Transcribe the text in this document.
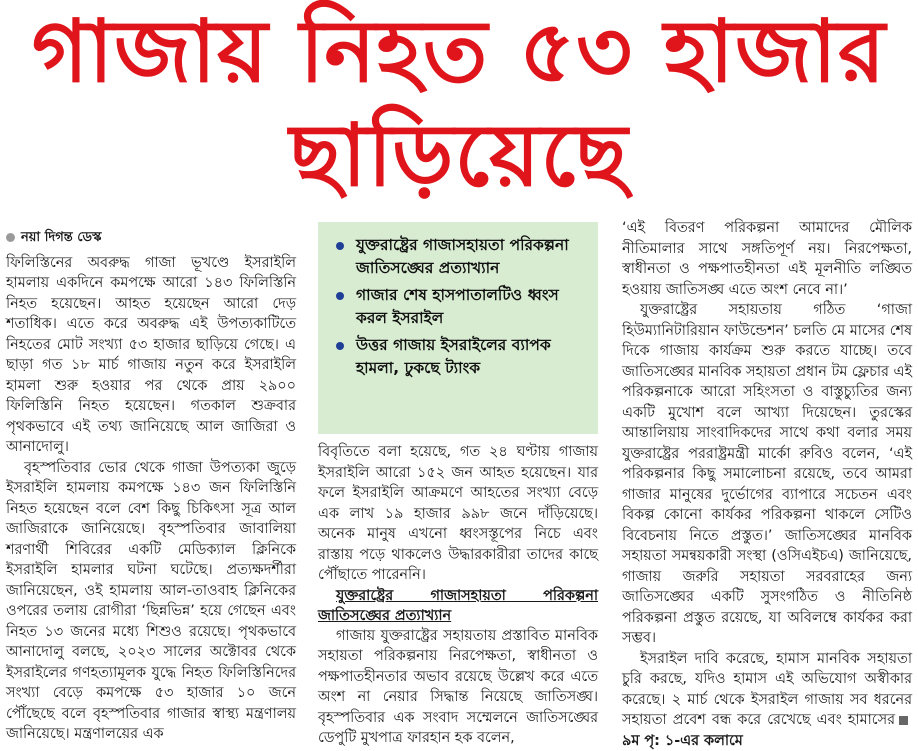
গাজায় নিহত ৫৩ হাজার
ছাড়িয়েছে
নয়া দিগন্ত ডেস্ক

ফিলিস্তিনের অবরুদ্ধ গাজা ভূখণ্ডে ইসরাইলি হামলায় একদিনে কমপক্ষে আরো ১৪৩ ফিলিস্তিনি নিহত হয়েছেন। আহত হয়েছেন আরো দেড় শতাধিক। এতে করে অবরুদ্ধ এই উপত্যকাটিতে নিহতের মোট সংখ্যা ৫৩ হাজার ছাড়িয়ে গেছে। এ ছাড়া গত ১৮ মার্চ গাজায় নতুন করে ইসরাইলি হামলা শুরু হওয়ার পর থেকে প্রায় ২৯০০ ফিলিস্তিনি নিহত হয়েছেন। গতকাল শুক্রবার পৃথকভাবে এই তথ্য জানিয়েছে আল জাজিরা ও আনাদোলু।

বৃহস্পতিবার ভোর থেকে গাজা উপত্যকা জুড়ে ইসরাইলি হামলায় কমপক্ষে ১৪৩ জন ফিলিস্তিনি নিহত হয়েছেন বলে বেশ কিছু চিকিৎসা সূত্র আল জাজিরাকে জানিয়েছে। বৃহস্পতিবার জাবালিয়া শরণার্থী শিবিরের একটি মেডিক্যাল ক্লিনিকে ইসরাইলি হামলার ঘটনা ঘটেছে। প্রত্যক্ষদর্শীরা জানিয়েছেন, ওই হামলায় আল-তাওবাহ ক্লিনিকের ওপরের তলায় রোগীরা ‘ছিন্নভিন্ন’ হয়ে গেছেন এবং নিহত ১৩ জনের মধ্যে শিশুও রয়েছে। পৃথকভাবে আনাদোলু বলছে, ২০২৩ সালের অক্টোবর থেকে ইসরাইলের গণহত্যামূলক যুদ্ধে নিহত ফিলিস্তিনিদের সংখ্যা বেড়ে কমপক্ষে ৫৩ হাজার ১০ জনে পৌঁছেছে বলে বৃহস্পতিবার গাজার স্বাস্থ্য মন্ত্রণালয় জানিয়েছে। মন্ত্রণালয়ের এক

যুক্তরাষ্ট্রের গাজাসহায়তা পরিকল্পনা জাতিসঙ্ঘের প্রত্যাখ্যান
গাজার শেষ হাসপাতালটিও ধ্বংস করল ইসরাইল
উত্তর গাজায় ইসরাইলের ব্যাপক হামলা, ঢুকছে ট্যাংক

বিবৃতিতে বলা হয়েছে, গত ২৪ ঘণ্টায় গাজায় ইসরাইলি আরো ১৫২ জন আহত হয়েছেন। যার ফলে ইসরাইলি আক্রমণে আহতের সংখ্যা বেড়ে এক লাখ ১৯ হাজার ৯৯৮ জনে দাঁড়িয়েছে। অনেক মানুষ এখনো ধ্বংসস্তূপের নিচে এবং রাস্তায় পড়ে থাকলেও উদ্ধারকারীরা তাদের কাছে পৌঁছাতে পারেননি।

যুক্তরাষ্ট্রের গাজাসহায়তা পরিকল্পনা জাতিসঙ্ঘের প্রত্যাখ্যান

গাজায় যুক্তরাষ্ট্রের সহায়তায় প্রস্তাবিত মানবিক সহায়তা পরিকল্পনায় নিরপেক্ষতা, স্বাধীনতা ও পক্ষপাতহীনতার অভাব রয়েছে উল্লেখ করে এতে অংশ না নেয়ার সিদ্ধান্ত নিয়েছে জাতিসঙ্ঘ। বৃহস্পতিবার এক সংবাদ সম্মেলনে জাতিসঙ্ঘের ডেপুটি মুখপাত্র ফারহান হক বলেন,

‘এই বিতরণ পরিকল্পনা আমাদের মৌলিক নীতিমালার সাথে সঙ্গতিপূর্ণ নয়। নিরপেক্ষতা, স্বাধীনতা ও পক্ষপাতহীনতা এই মূলনীতি লঙ্ঘিত হওয়ায় জাতিসঙ্ঘ এতে অংশ নেবে না।’

যুক্তরাষ্ট্রের সহায়তায় গঠিত ‘গাজা হিউম্যানিটারিয়ান ফাউন্ডেশন’ চলতি মে মাসের শেষ দিকে গাজায় কার্যক্রম শুরু করতে যাচ্ছে। তবে জাতিসঙ্ঘের মানবিক সহায়তা প্রধান টম ফ্লেচার এই পরিকল্পনাকে আরো সহিংসতা ও বাস্তুচ্যুতির জন্য একটি মুখোশ বলে আখ্যা দিয়েছেন। তুরস্কের আন্তালিয়ায় সাংবাদিকদের সাথে কথা বলার সময় যুক্তরাষ্ট্রের পররাষ্ট্রমন্ত্রী মার্কো রুবিও বলেন, ‘এই পরিকল্পনার কিছু সমালোচনা রয়েছে, তবে আমরা গাজার মানুষের দুর্ভোগের ব্যাপারে সচেতন এবং বিকল্প কোনো কার্যকর পরিকল্পনা থাকলে সেটিও বিবেচনায় নিতে প্রস্তুত।’ জাতিসঙ্ঘের মানবিক সহায়তা সমন্বয়কারী সংস্থা (ওসিএইচএ) জানিয়েছে, গাজায় জরুরি সহায়তা সরবরাহের জন্য জাতিসঙ্ঘের একটি সুসংগঠিত ও নীতিনিষ্ঠ পরিকল্পনা প্রস্তুত রয়েছে, যা অবিলম্বে কার্যকর করা সম্ভব।

ইসরাইল দাবি করেছে, হামাস মানবিক সহায়তা চুরি করছে, যদিও হামাস এই অভিযোগ অস্বীকার করেছে। ২ মার্চ থেকে ইসরাইল গাজায় সব ধরনের সহায়তা প্রবেশ বন্ধ করে রেখেছে এবং হামাসের৯ম পৃ: ১-এর কলামে
